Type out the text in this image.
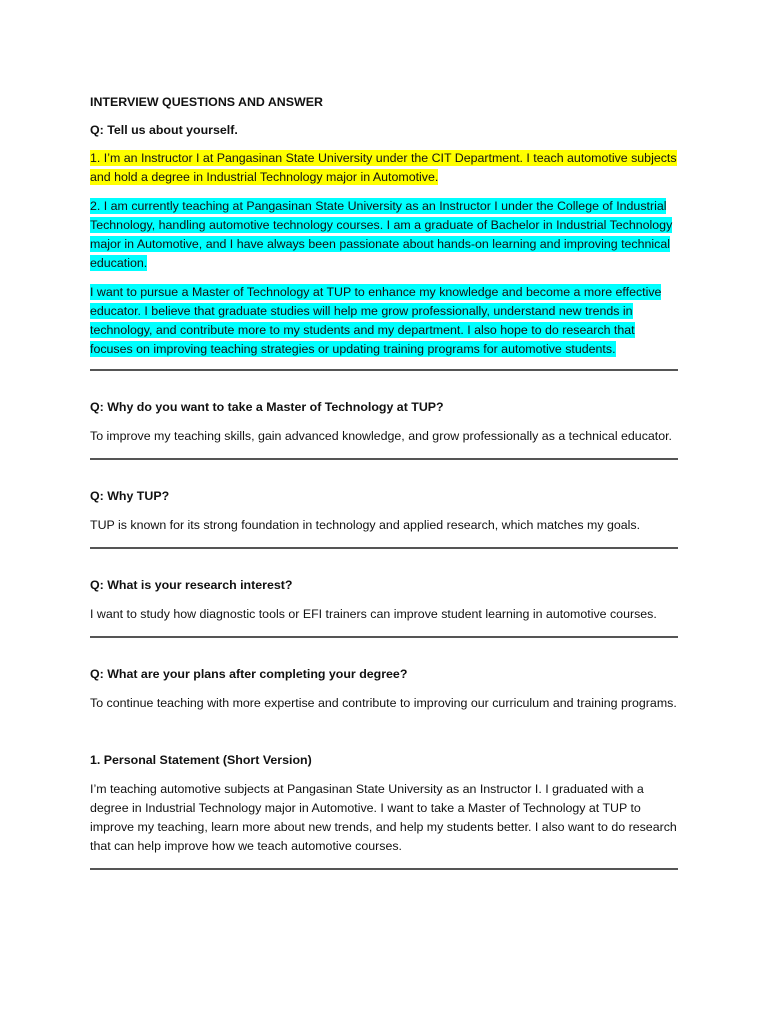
INTERVIEW QUESTIONS AND ANSWER

Q: Tell us about yourself.

1. I’m an Instructor I at Pangasinan State University under the CIT Department. I teach automotive subjects and hold a degree in Industrial Technology major in Automotive.

2. I am currently teaching at Pangasinan State University as an Instructor I under the College of Industrial Technology, handling automotive technology courses. I am a graduate of Bachelor in Industrial Technology major in Automotive, and I have always been passionate about hands-on learning and improving technical education.

I want to pursue a Master of Technology at TUP to enhance my knowledge and become a more effective educator. I believe that graduate studies will help me grow professionally, understand new trends in technology, and contribute more to my students and my department. I also hope to do research that focuses on improving teaching strategies or updating training programs for automotive students.

Q: Why do you want to take a Master of Technology at TUP?

To improve my teaching skills, gain advanced knowledge, and grow professionally as a technical educator.

Q: Why TUP?

TUP is known for its strong foundation in technology and applied research, which matches my goals.

Q: What is your research interest?

I want to study how diagnostic tools or EFI trainers can improve student learning in automotive courses.

Q: What are your plans after completing your degree?

To continue teaching with more expertise and contribute to improving our curriculum and training programs.

1. Personal Statement (Short Version)

I’m teaching automotive subjects at Pangasinan State University as an Instructor I. I graduated with a degree in Industrial Technology major in Automotive. I want to take a Master of Technology at TUP to improve my teaching, learn more about new trends, and help my students better. I also want to do research that can help improve how we teach automotive courses.
